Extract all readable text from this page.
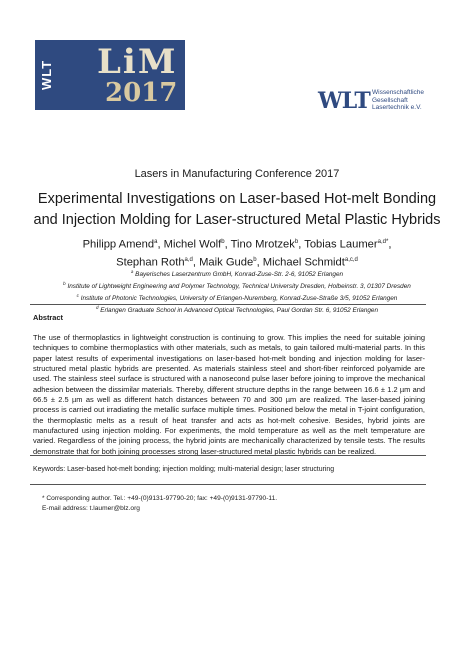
WLT LiM
2017	WLT Wissenschaftliche
Gesellschaft
Lasertechnik e.V.
Lasers in Manufacturing Conference 2017
Experimental Investigations on Laser-based Hot-melt Bonding
and Injection Molding for Laser-structured Metal Plastic Hybrids
Philipp Amend$^a$, Michel Wolf$^b$, Tino Mrotzek$^b$, Tobias Laumer$^{a,d*}$,
Stephan Roth$^{a,d}$, Maik Gude$^b$, Michael Schmidt$^{a,c,d}$
$^a$ Bayerisches Laserzentrum GmbH, Konrad-Zuse-Str. 2-6, 91052 Erlangen
$^b$ Institute of Lightweight Engineering and Polymer Technology, Technical University Dresden, Holbeinstr. 3, 01307 Dresden
$^c$ Institute of Photonic Technologies, University of Erlangen-Nuremberg, Konrad-Zuse-Straße 3/5, 91052 Erlangen
$^d$ Erlangen Graduate School in Advanced Optical Technologies, Paul Gordan Str. 6, 91052 Erlangen
Abstract
The use of thermoplastics in lightweight construction is continuing to grow. This implies the need for suitable joining techniques to combine thermoplastics with other materials, such as metals, to gain tailored multi-material parts. In this paper latest results of experimental investigations on laser-based hot-melt bonding and injection molding for laser-structured metal plastic hybrids are presented. As materials stainless steel and short-fiber reinforced polyamide are used. The stainless steel surface is structured with a nanosecond pulse laser before joining to improve the mechanical adhesion between the dissimilar materials. Thereby, different structure depths in the range between 16.6 ± 1.2 µm and 66.5 ± 2.5 µm as well as different hatch distances between 70 and 300 µm are realized. The laser-based joining process is carried out irradiating the metallic surface multiple times. Positioned below the metal in T-joint configuration, the thermoplastic melts as a result of heat transfer and acts as hot-melt cohesive. Besides, hybrid joints are manufactured using injection molding. For experiments, the mold temperature as well as the melt temperature are varied. Regardless of the joining process, the hybrid joints are mechanically characterized by tensile tests. The results demonstrate that for both joining processes strong laser-structured metal plastic hybrids can be realized.
Keywords: Laser-based hot-melt bonding; injection molding; multi-material design; laser structuring
* Corresponding author. Tel.: +49-(0)9131-97790-20; fax: +49-(0)9131-97790-11.
E-mail address: t.laumer@blz.org
